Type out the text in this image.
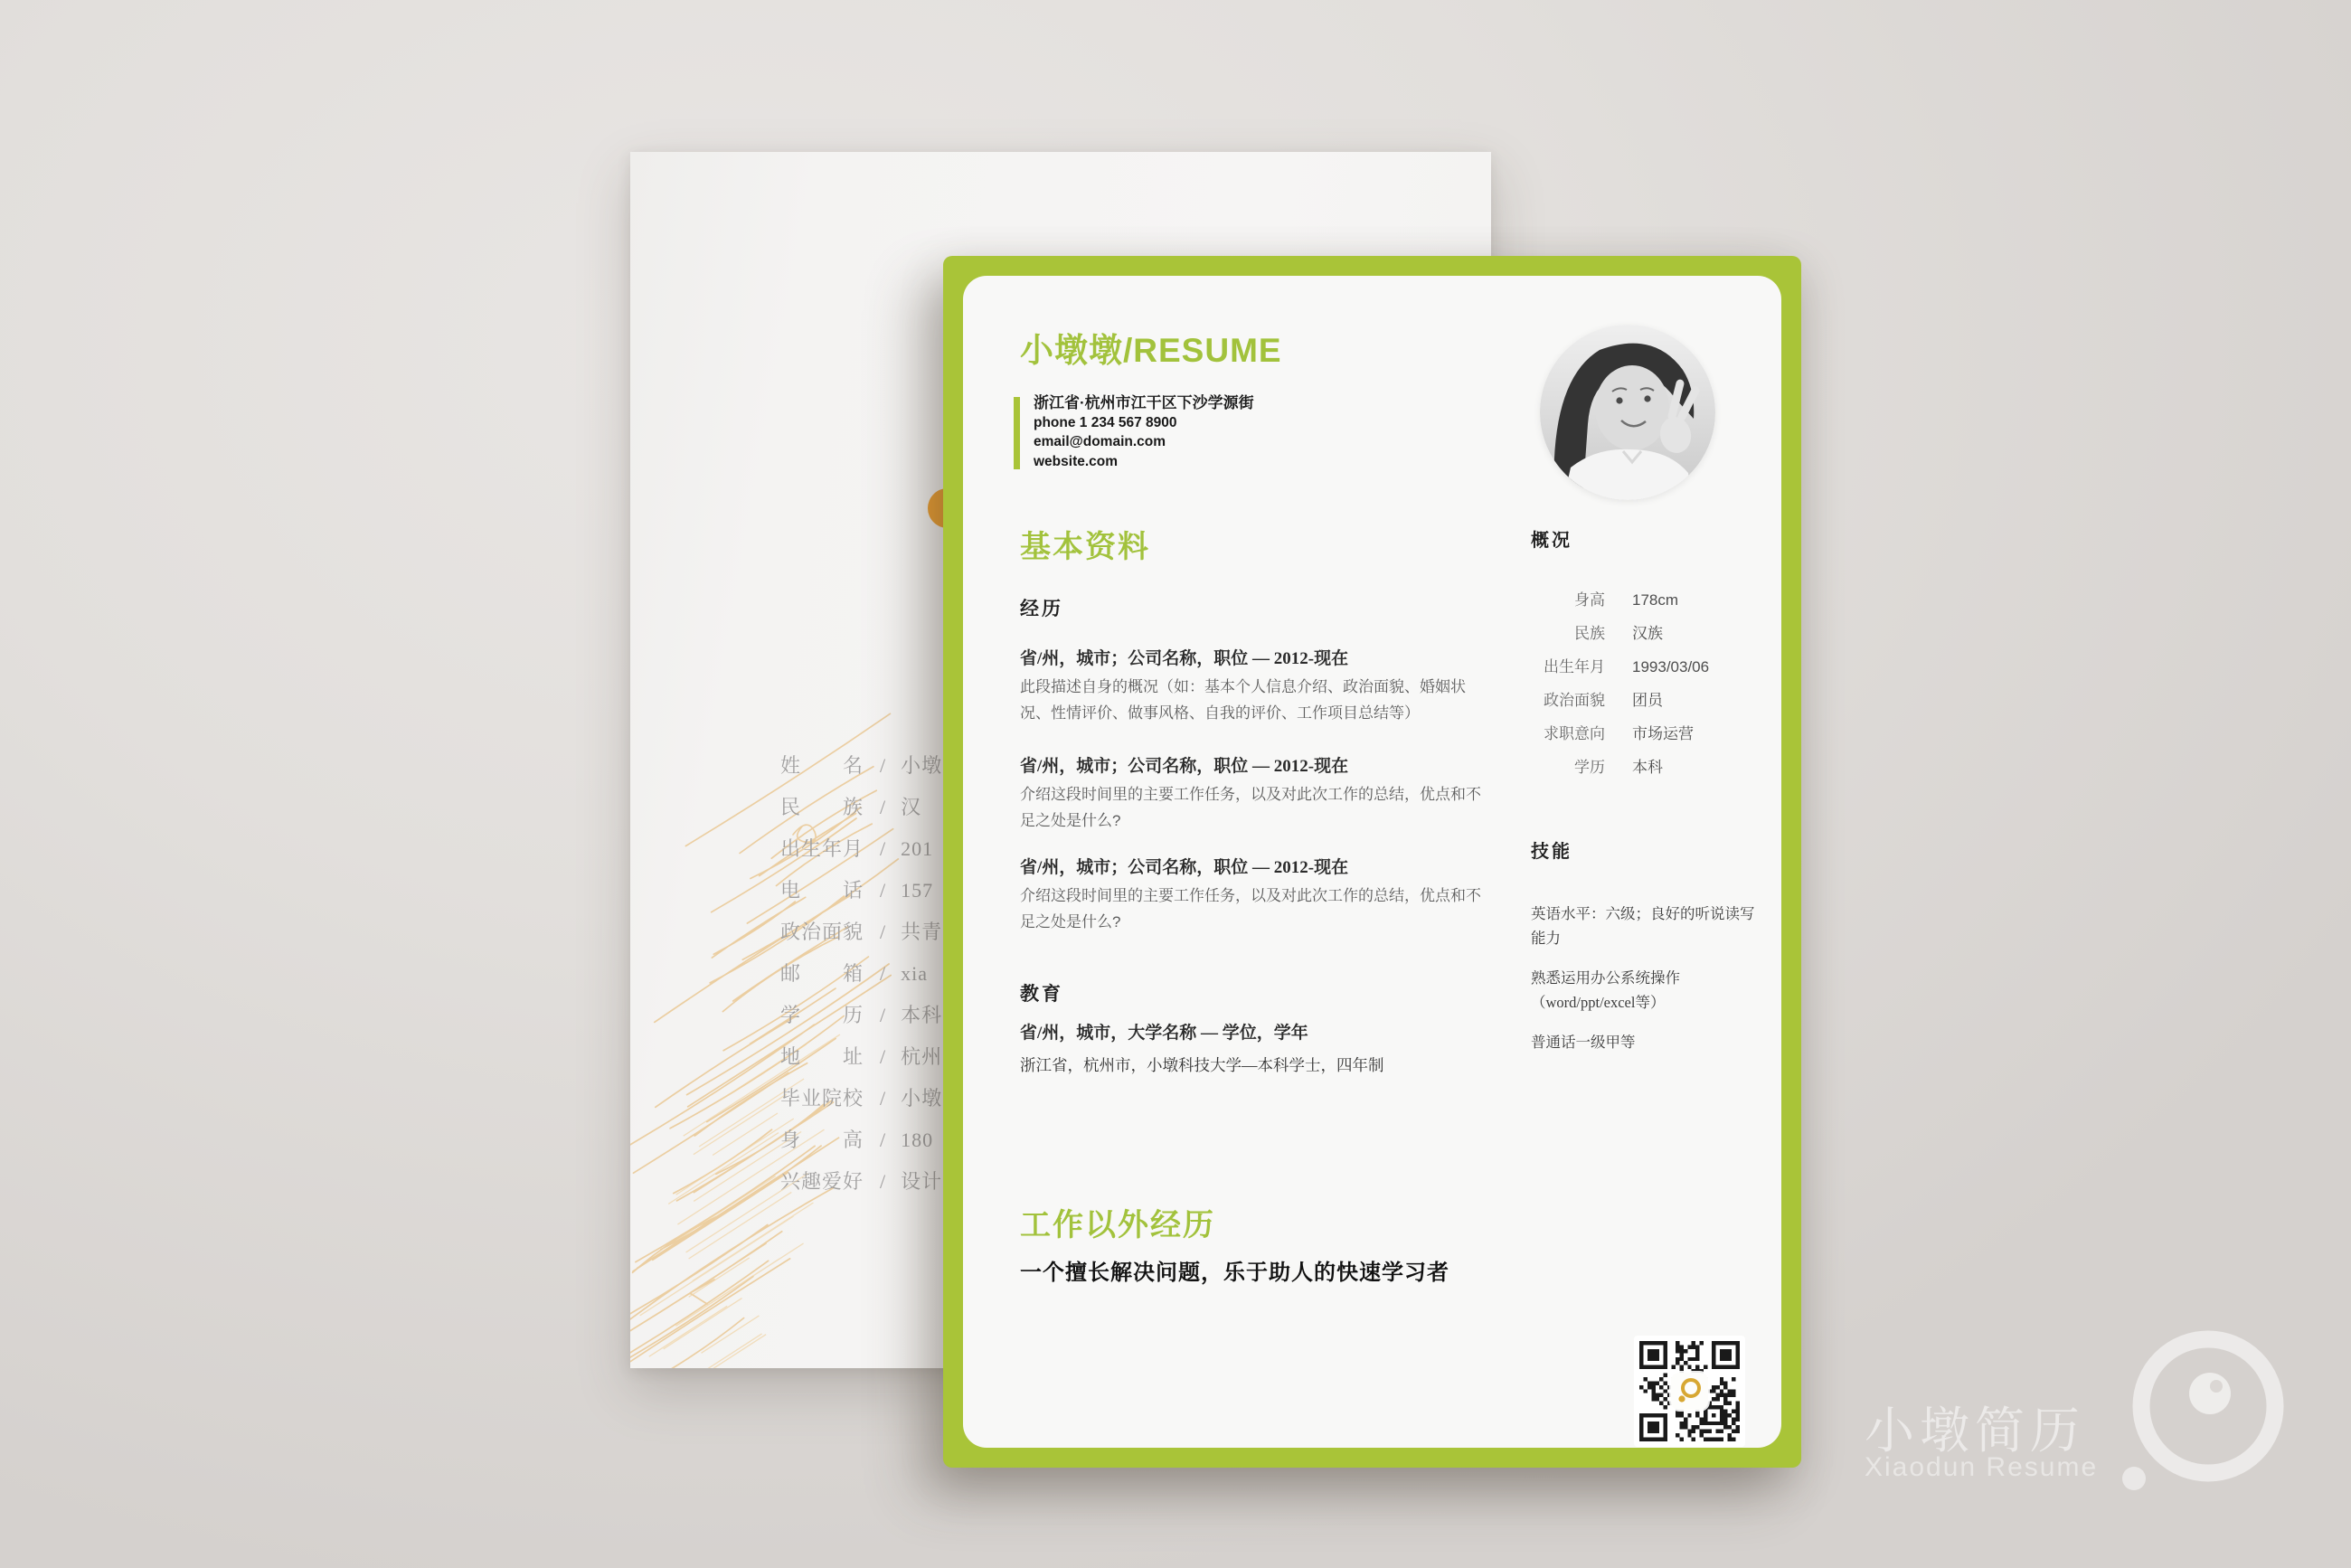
姓　　名 / 小墩
民　　族 / 汉
出生年月 / 201
电　　话 / 157
政治面貌 / 共青
邮　　箱 / xia
学　　历 / 本科
地　　址 / 杭州
毕业院校 / 小墩
身　　高 / 180
兴趣爱好 / 设计
小墩墩/RESUME
浙江省·杭州市江干区下沙学源街
phone 1 234 567 8900
email@domain.com
website.com
基本资料
经历
省/州，城市；公司名称，职位 — 2012-现在
此段描述自身的概况（如：基本个人信息介绍、政治面貌、婚姻状况、性情评价、做事风格、自我的评价、工作项目总结等）
省/州，城市；公司名称，职位 — 2012-现在
介绍这段时间里的主要工作任务，以及对此次工作的总结，优点和不足之处是什么?
省/州，城市；公司名称，职位 — 2012-现在
介绍这段时间里的主要工作任务，以及对此次工作的总结，优点和不足之处是什么?
教育
省/州，城市，大学名称 — 学位，学年
浙江省，杭州市，小墩科技大学—本科学士，四年制
概况
身高 178cm
民族 汉族
出生年月 1993/03/06
政治面貌 团员
求职意向 市场运营
学历 本科
技能
英语水平：六级；良好的听说读写能力
熟悉运用办公系统操作（word/ppt/excel等）
普通话一级甲等
工作以外经历
一个擅长解决问题，乐于助人的快速学习者
小墩简历
Xiaodun Resume
